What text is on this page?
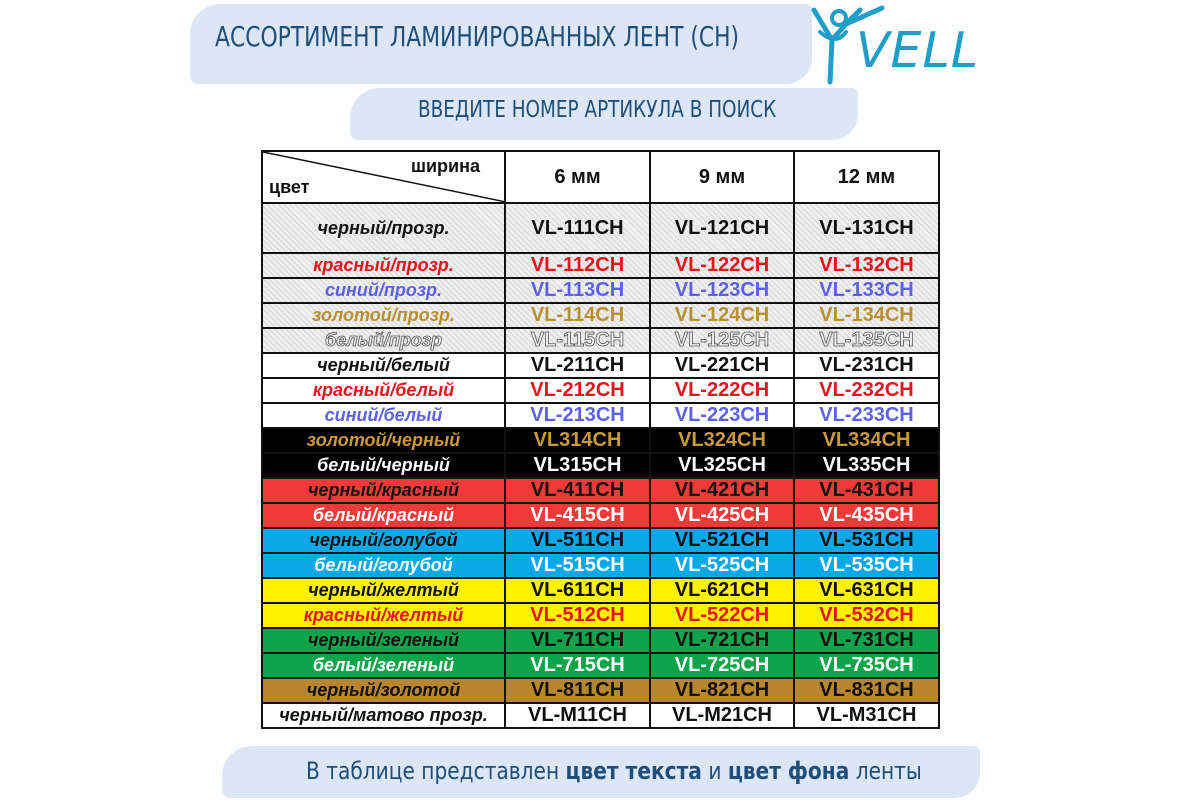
АССОРТИМЕНТ ЛАМИНИРОВАННЫХ ЛЕНТ (CH)
ВВЕДИТЕ НОМЕР АРТИКУЛА В ПОИСК
VELL
ширина
цвет	6 мм	9 мм	12 мм
черный/прозр.	VL-111CH	VL-121CH	VL-131CH
красный/прозр.	VL-112CH	VL-122CH	VL-132CH
синий/прозр.	VL-113CH	VL-123CH	VL-133CH
золотой/прозр.	VL-114CH	VL-124CH	VL-134CH
белый/прозр	VL-115CH	VL-125CH	VL-135CH
черный/белый	VL-211CH	VL-221CH	VL-231CH
красный/белый	VL-212CH	VL-222CH	VL-232CH
синий/белый	VL-213CH	VL-223CH	VL-233CH
золотой/черный	VL314CH	VL324CH	VL334CH
белый/черный	VL315CH	VL325CH	VL335CH
черный/красный	VL-411CH	VL-421CH	VL-431CH
белый/красный	VL-415CH	VL-425CH	VL-435CH
черный/голубой	VL-511CH	VL-521CH	VL-531CH
белый/голубой	VL-515CH	VL-525CH	VL-535CH
черный/желтый	VL-611CH	VL-621CH	VL-631CH
красный/желтый	VL-512CH	VL-522CH	VL-532CH
черный/зеленый	VL-711CH	VL-721CH	VL-731CH
белый/зеленый	VL-715CH	VL-725CH	VL-735CH
черный/золотой	VL-811CH	VL-821CH	VL-831CH
черный/матово прозр.	VL-M11CH	VL-M21CH	VL-M31CH
В таблице представлен цвет текста и цвет фона ленты
